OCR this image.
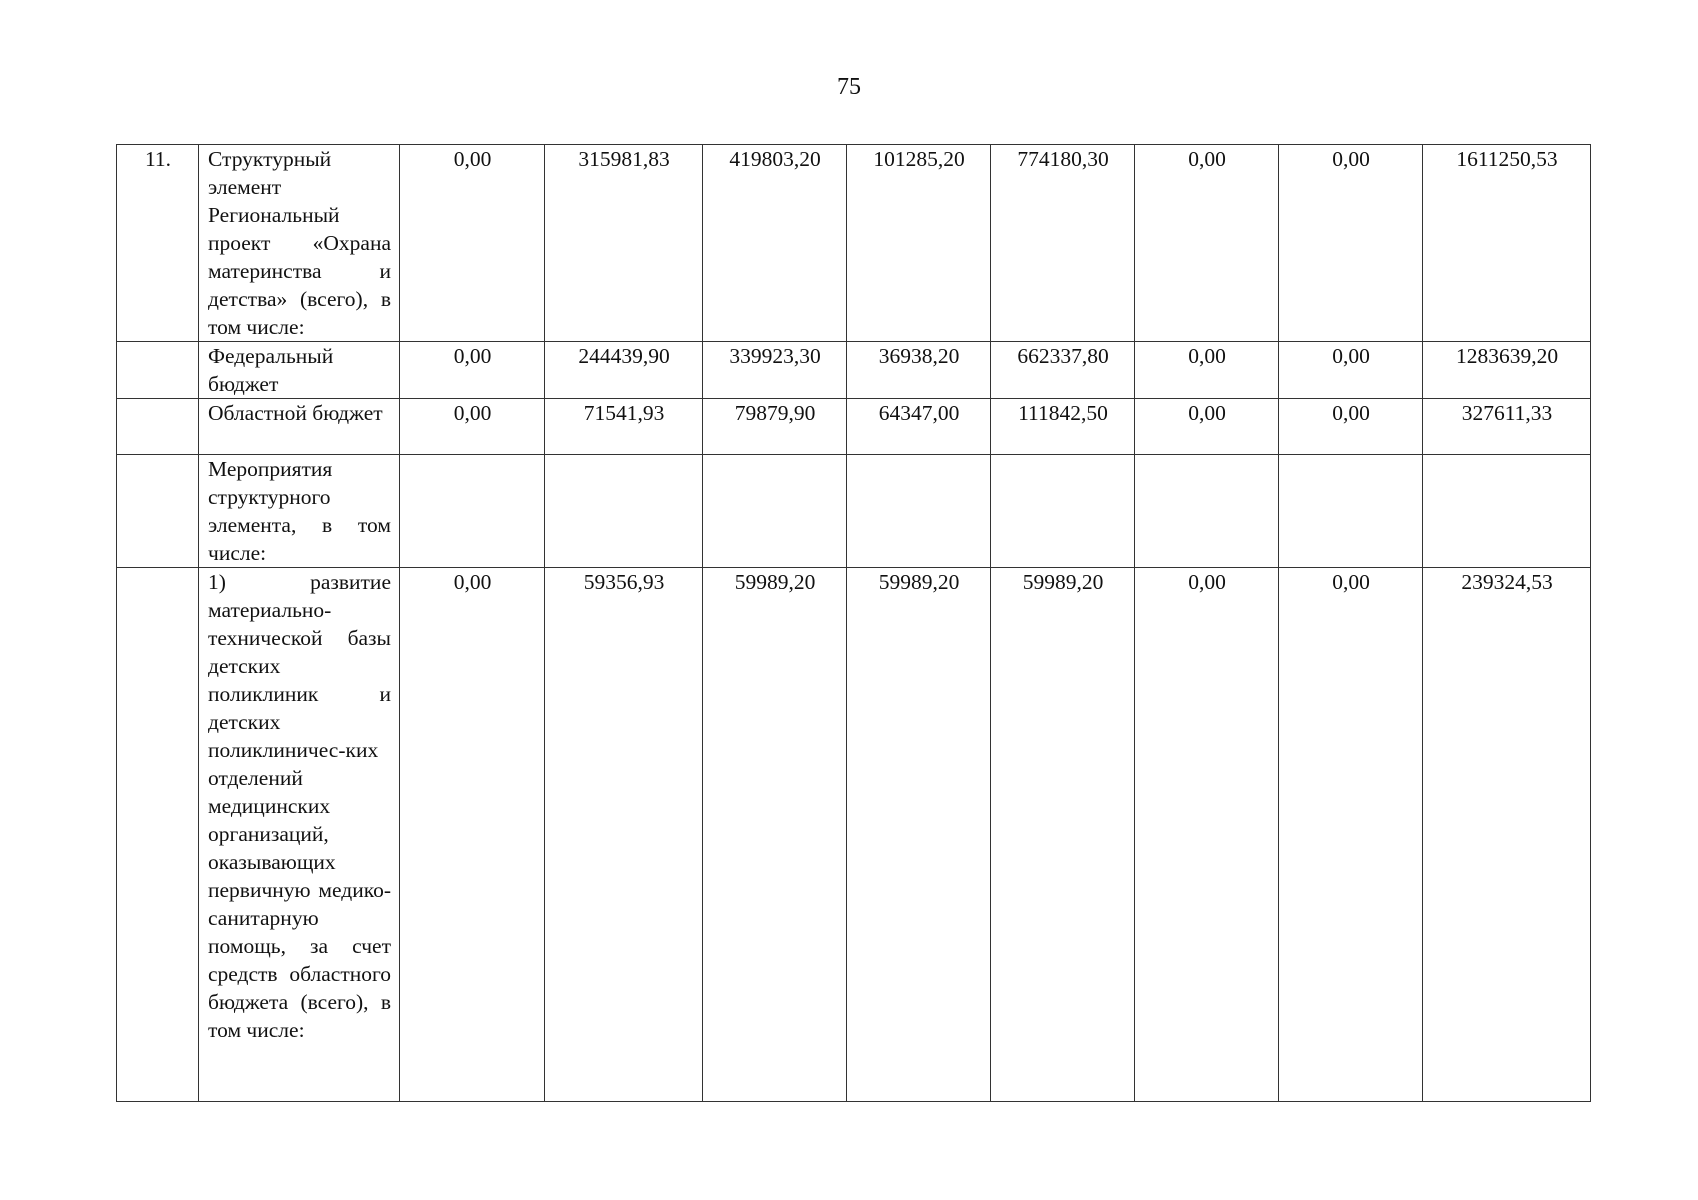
75
11.	Структурный элемент Региональный проект «Охрана материнства и детства» (всего), в том числе:	0,00	315981,83	419803,20	101285,20	774180,30	0,00	0,00	1611250,53
	Федеральный бюджет	0,00	244439,90	339923,30	36938,20	662337,80	0,00	0,00	1283639,20
	Областной бюджет	0,00	71541,93	79879,90	64347,00	111842,50	0,00	0,00	327611,33
	Мероприятия структурного элемента, в том числе:								
	1) развитие материально-технической базы детских поликлиник и детских поликлиничес-ких отделений медицинских организаций, оказывающих первичную медико-санитарную помощь, за счет средств областного бюджета (всего), в том числе:	0,00	59356,93	59989,20	59989,20	59989,20	0,00	0,00	239324,53
